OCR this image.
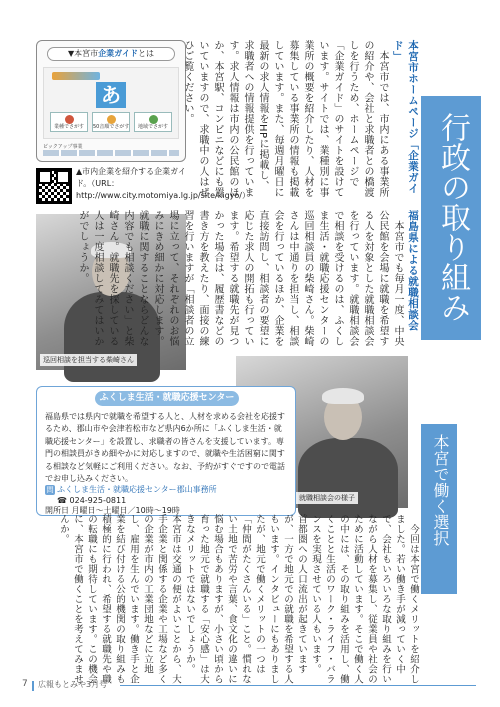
▼本宮市企業ガイドとは
あ
業種でさがす	50音順でさがす	地域でさがす
ピックアップ事業
▲市内企業を紹介する企業ガイド。（URL：http://www.city.motomiya.lg.jp/site/kigyo/）
巡回相談を担当する柴崎さん
就職相談会の様子
行政の取り組み
本宮市ホームページ「企業ガイド」
　本宮市では、市内にある事業所の紹介や、会社と求職者との橋渡しを行うため、ホームページで「企業ガイド」のサイトを設けています。サイトでは、業種別に事業所の概要を紹介したり、人材を募集している事業所の情報も掲載しています。また、毎週月曜日に最新の求人情報をHPに掲載し、求職者への情報提供を行っています。求人情報は市内の公民館のほか、本宮駅、コンビニなどにも置いていますので、求職中の人はぜひご覧ください。
福島県による就職相談会
　本宮市でも毎月一度、中央公民館を会場に就職を希望する人を対象とした就職相談会を行っています。就職相談会で相談を受けるのは、ふくしま生活・就職応援センターの巡回相談員の柴崎さん。柴崎さんは中通りを担当し、相談会を行っているほか、企業を直接訪問し、相談者の要望に応じた求人の開拓も行っています。希望する就職先が見つかった場合は、履歴書などの書き方を教えたり、面接の練習を行いますが「相談者の立場に立って、それぞれのお悩みにきめ細かに対応します。就職に関することならどんな内容でも相談ください」と柴崎さん。就職先を探している人は一度相談してみてはいかがでしょうか。
ふくしま生活・就職応援センター
福島県では県内で就職を希望する人と、人材を求める会社を応援するため、郡山市や会津若松市など県内6か所に「ふくしま生活・就職応援センター」を設置し、求職者の皆さんを支援しています。専門の相談員がきめ細やかに対応しますので、就職や生活困窮に関する相談など気軽にご利用ください。なお、予約がすぐですので電話でお申し込みください。
問 ふくしま生活・就職応援センター郡山事務所
☎ 024-925-0811
開所日 月曜日～土曜日／10時～19時	本宮で働く選択
　今回は本宮で働くメリットを紹介しました。若い働き手が減っていく中で、会社もいろいろな取り組みを行いながら人材を募集し、従業員や社会のために活動しています。そこで働く人の中には、その取り組みを活用し、働くことと生活のワーク・ライフ・バランスを実現させている人もいます。　首都圏への人口流出が起きていますが、一方で地元での就職を希望する人もいます。インタビューにもありましたが、地元で働くメリットの一つは「仲間がたくさんいる」こと。慣れない土地で苦労や言葉、食文化の違いに悩む場合もありますが、小さい頃から育った地元で就職する「安心感」は大きなメリットではないでしょうか。　本宮市は交通の便がよいことから、大手企業と関係する企業や工場など多くの企業が市内の工業団地などに立地し、雇用を生んでいます。働き手と企業を結び付ける公的機関の取り組みも積極的に行われ、希望する就職先や職の転職にも期待しています。この機会に、本宮市で働くことを考えてみませんか。
7 広報もとみや3月号
